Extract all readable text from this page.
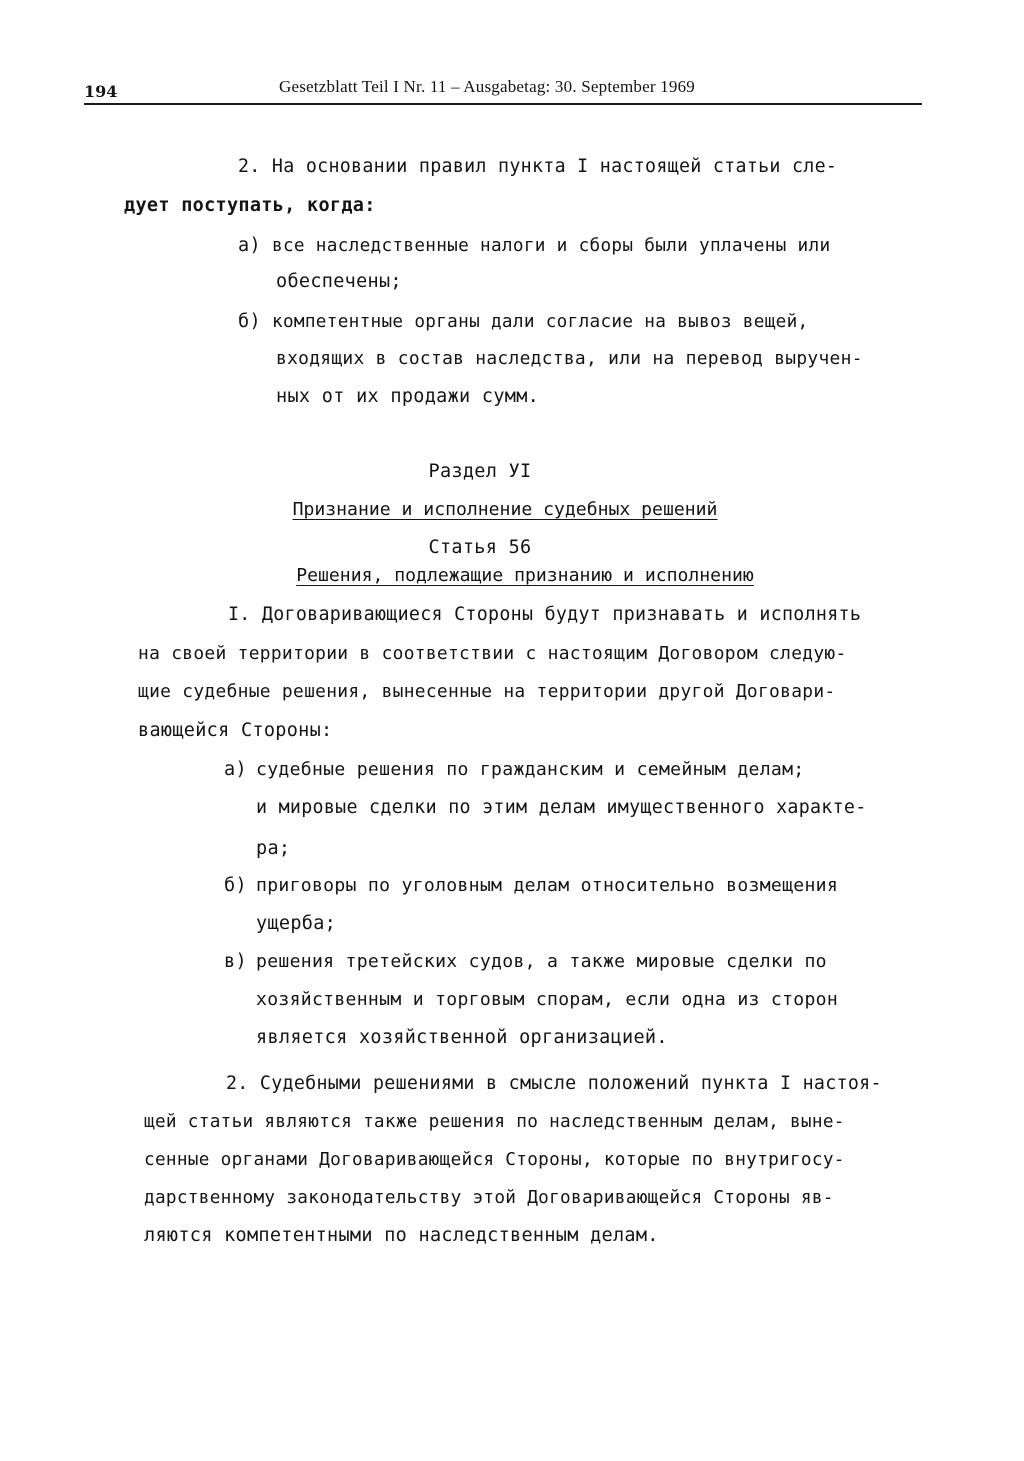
194	Gesetzblatt Teil I Nr. 11 – Ausgabetag: 30. September 1969
2. На основании правил пункта I настоящей статьи сле-
дует поступать, когда:
а) все наследственные налоги и сборы были уплачены или
обеспечены;
б) компетентные органы дали согласие на вывоз вещей,
входящих в состав наследства, или на перевод выручен-
ных от их продажи сумм.
Раздел УI
Признание и исполнение судебных решений
Статья 56
Решения, подлежащие признанию и исполнению
I. Договаривающиеся Стороны будут признавать и исполнять
на своей территории в соответствии с настоящим Договором следую-
щие судебные решения, вынесенные на территории другой Договари-
вающейся Стороны:
а) судебные решения по гражданским и семейным делам;
и мировые сделки по этим делам имущественного характе-
ра;
б) приговоры по уголовным делам относительно возмещения
ущерба;
в) решения третейских судов, а также мировые сделки по
хозяйственным и торговым спорам, если одна из сторон
является хозяйственной организацией.
2. Судебными решениями в смысле положений пункта I настоя-
щей статьи являются также решения по наследственным делам, выне-
сенные органами Договаривающейся Стороны, которые по внутригосу-
дарственному законодательству этой Договаривающейся Стороны яв-
ляются компетентными по наследственным делам.
